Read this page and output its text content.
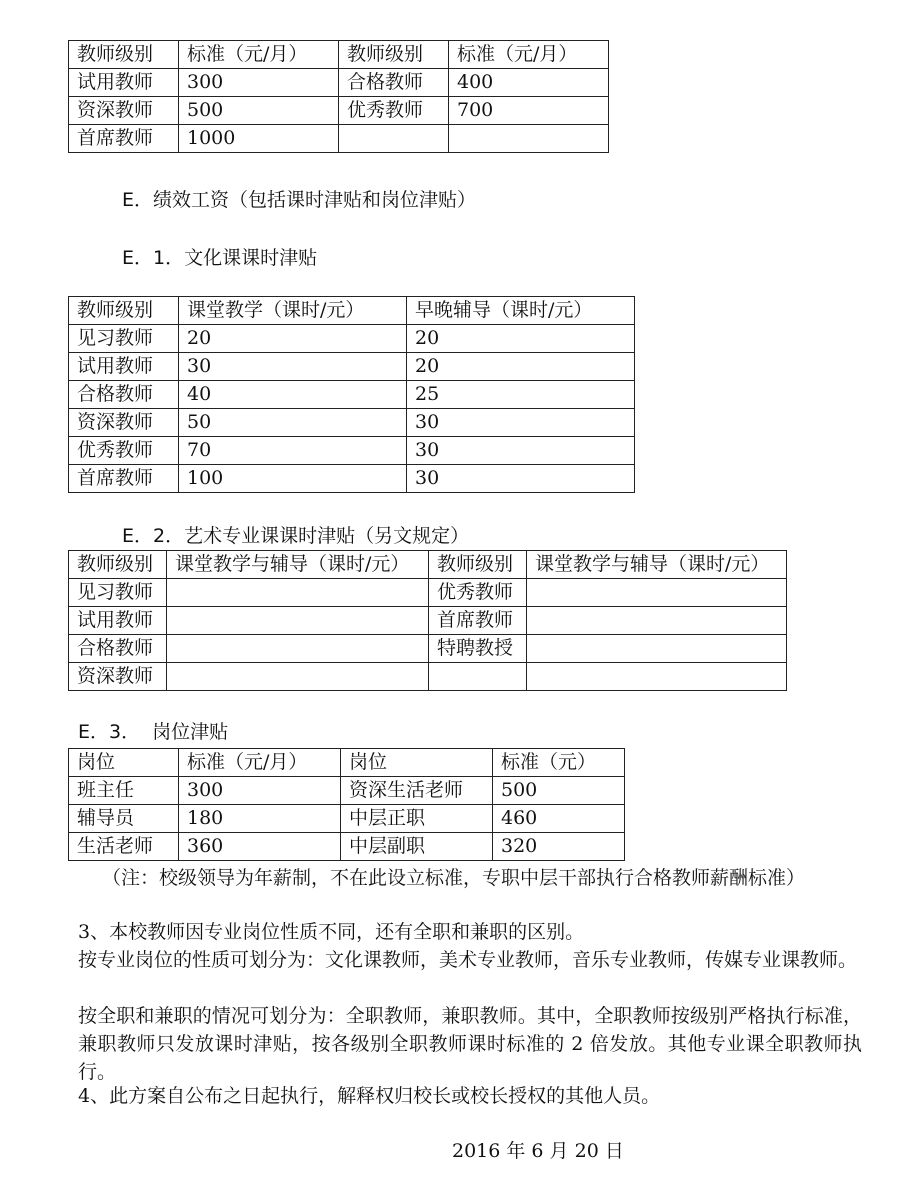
教师级别	标准（元/月）	教师级别	标准（元/月）
试用教师	300	合格教师	400
资深教师	500	优秀教师	700
首席教师	1000		
E．绩效工资（包括课时津贴和岗位津贴）
E．1．文化课课时津贴
教师级别	课堂教学（课时/元）	早晚辅导（课时/元）
见习教师	20	20
试用教师	30	20
合格教师	40	25
资深教师	50	30
优秀教师	70	30
首席教师	100	30
E．2．艺术专业课课时津贴（另文规定）
教师级别	课堂教学与辅导（课时/元）	教师级别	课堂教学与辅导（课时/元）
见习教师		优秀教师	
试用教师		首席教师	
合格教师		特聘教授	
资深教师			
E．3．  岗位津贴
岗位	标准（元/月）	岗位	标准（元）
班主任	300	资深生活老师	500
辅导员	180	中层正职	460
生活老师	360	中层副职	320
（注：校级领导为年薪制，不在此设立标准，专职中层干部执行合格教师薪酬标准）
3、本校教师因专业岗位性质不同，还有全职和兼职的区别。
按专业岗位的性质可划分为：文化课教师，美术专业教师，音乐专业教师，传媒专业课教师。
按全职和兼职的情况可划分为：全职教师，兼职教师。其中，全职教师按级别严格执行标准，兼职教师只发放课时津贴，按各级别全职教师课时标准的 2 倍发放。其他专业课全职教师执行。
4、此方案自公布之日起执行，解释权归校长或校长授权的其他人员。
2016 年 6 月 20 日
